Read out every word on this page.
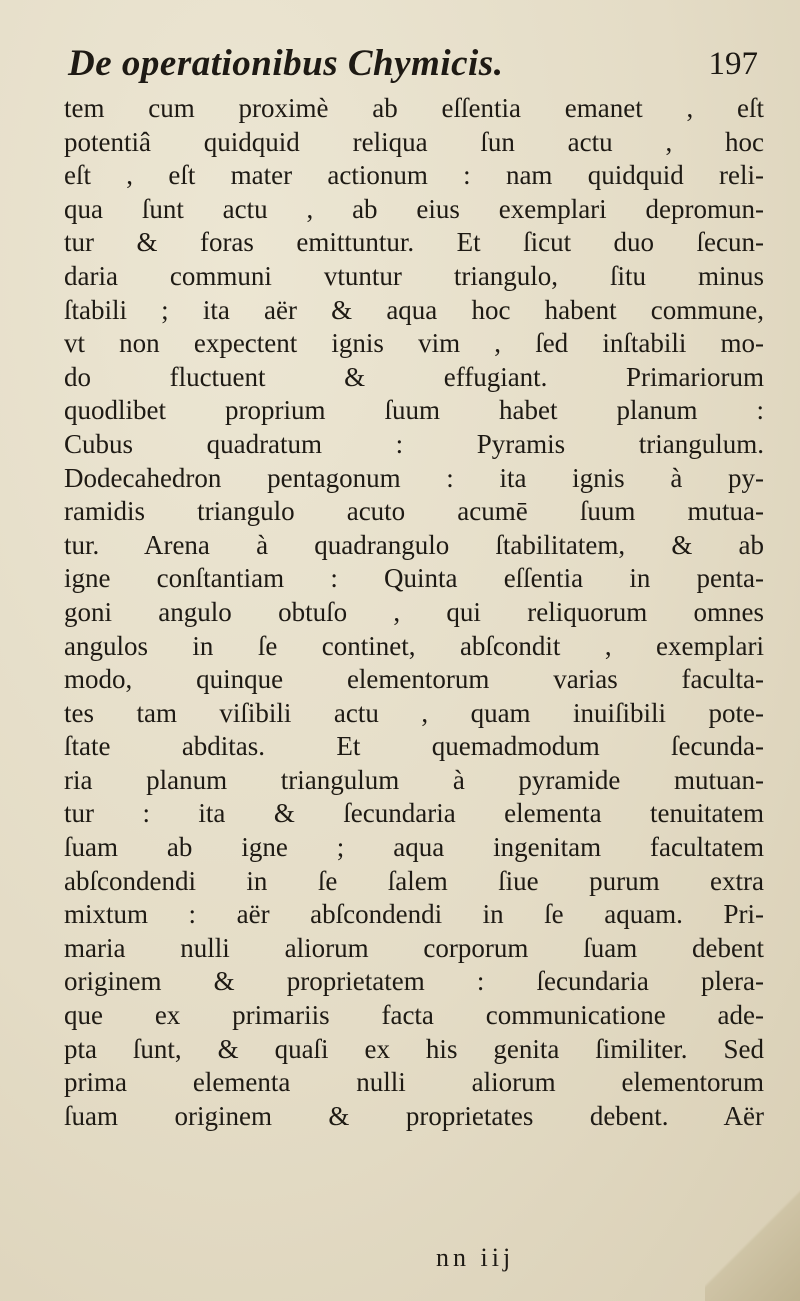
De operationibus Chymicis.	197
tem cum proximè ab eſſentia emanet , eſt
potentiâ quidquid reliqua ſun actu , hoc
eſt , eſt mater actionum : nam quidquid reli-
qua ſunt actu , ab eius exemplari depromun-
tur & foras emittuntur. Et ſicut duo ſecun-
daria communi vtuntur triangulo, ſitu minus
ſtabili ; ita aër & aqua hoc habent commune,
vt non expectent ignis vim , ſed inſtabili mo-
do fluctuent & effugiant. Primariorum
quodlibet proprium ſuum habet planum :
Cubus quadratum : Pyramis triangulum.
Dodecahedron pentagonum : ita ignis à py-
ramidis triangulo acuto acumē ſuum mutua-
tur. Arena à quadrangulo ſtabilitatem, & ab
igne conſtantiam : Quinta eſſentia in penta-
goni angulo obtuſo , qui reliquorum omnes
angulos in ſe continet, abſcondit , exemplari
modo, quinque elementorum varias faculta-
tes tam viſibili actu , quam inuiſibili pote-
ſtate abditas. Et quemadmodum ſecunda-
ria planum triangulum à pyramide mutuan-
tur : ita & ſecundaria elementa tenuitatem
ſuam ab igne ; aqua ingenitam facultatem
abſcondendi in ſe ſalem ſiue purum extra
mixtum : aër abſcondendi in ſe aquam. Pri-
maria nulli aliorum corporum ſuam debent
originem & proprietatem : ſecundaria plera-
que ex primariis facta communicatione ade-
pta ſunt, & quaſi ex his genita ſimiliter. Sed
prima elementa nulli aliorum elementorum
ſuam originem & proprietates debent. Aër
nn iij
